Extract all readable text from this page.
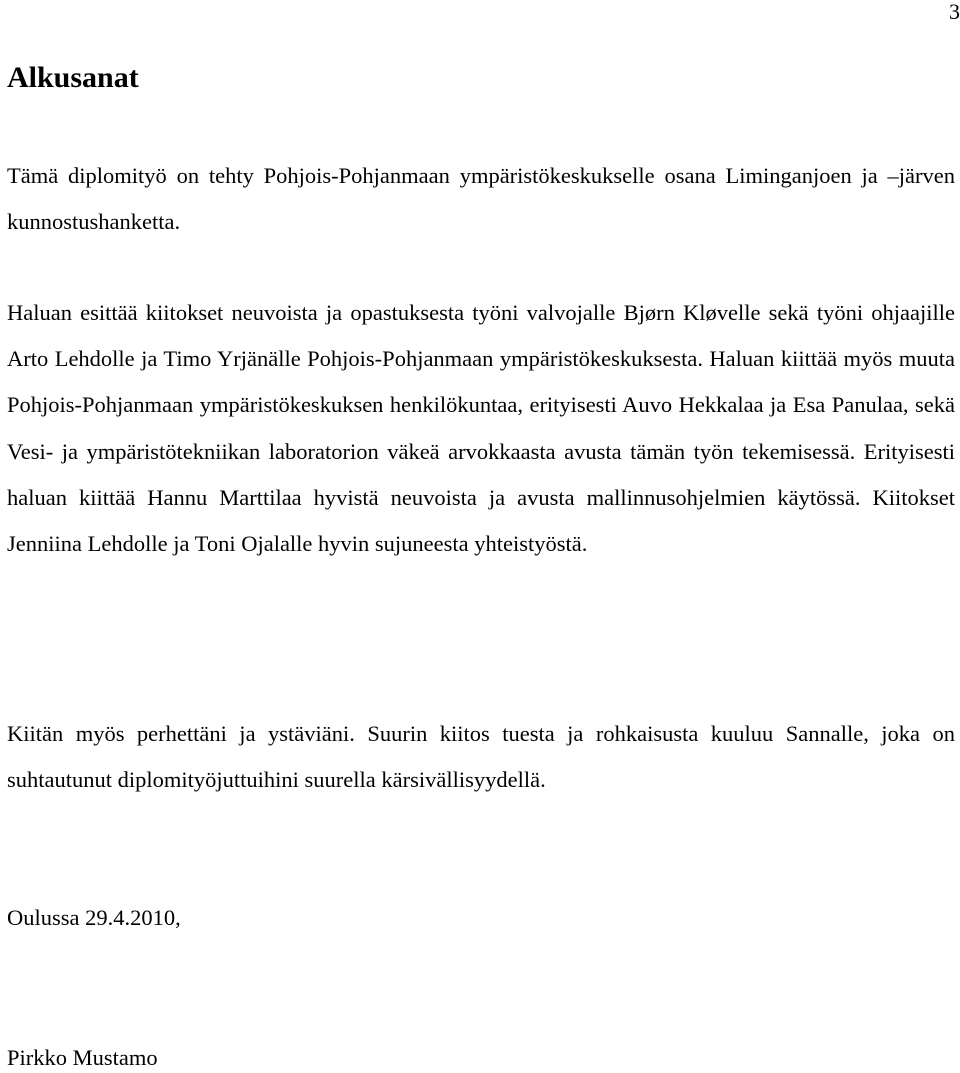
3
Alkusanat

Tämä diplomityö on tehty Pohjois-Pohjanmaan ympäristökeskukselle osana Liminganjoen ja –järven kunnostushanketta.

Haluan esittää kiitokset neuvoista ja opastuksesta työni valvojalle Bjørn Kløvelle sekä työni ohjaajille Arto Lehdolle ja Timo Yrjänälle Pohjois-Pohjanmaan ympäristökeskuksesta. Haluan kiittää myös muuta Pohjois-Pohjanmaan ympäristökeskuksen henkilökuntaa, erityisesti Auvo Hekkalaa ja Esa Panulaa, sekä Vesi- ja ympäristötekniikan laboratorion väkeä arvokkaasta avusta tämän työn tekemisessä. Erityisesti haluan kiittää Hannu Marttilaa hyvistä neuvoista ja avusta mallinnusohjelmien käytössä. Kiitokset Jenniina Lehdolle ja Toni Ojalalle hyvin sujuneesta yhteistyöstä.

Kiitän myös perhettäni ja ystäviäni. Suurin kiitos tuesta ja rohkaisusta kuuluu Sannalle, joka on suhtautunut diplomityöjuttuihini suurella kärsivällisyydellä.

Oulussa 29.4.2010,

Pirkko Mustamo
